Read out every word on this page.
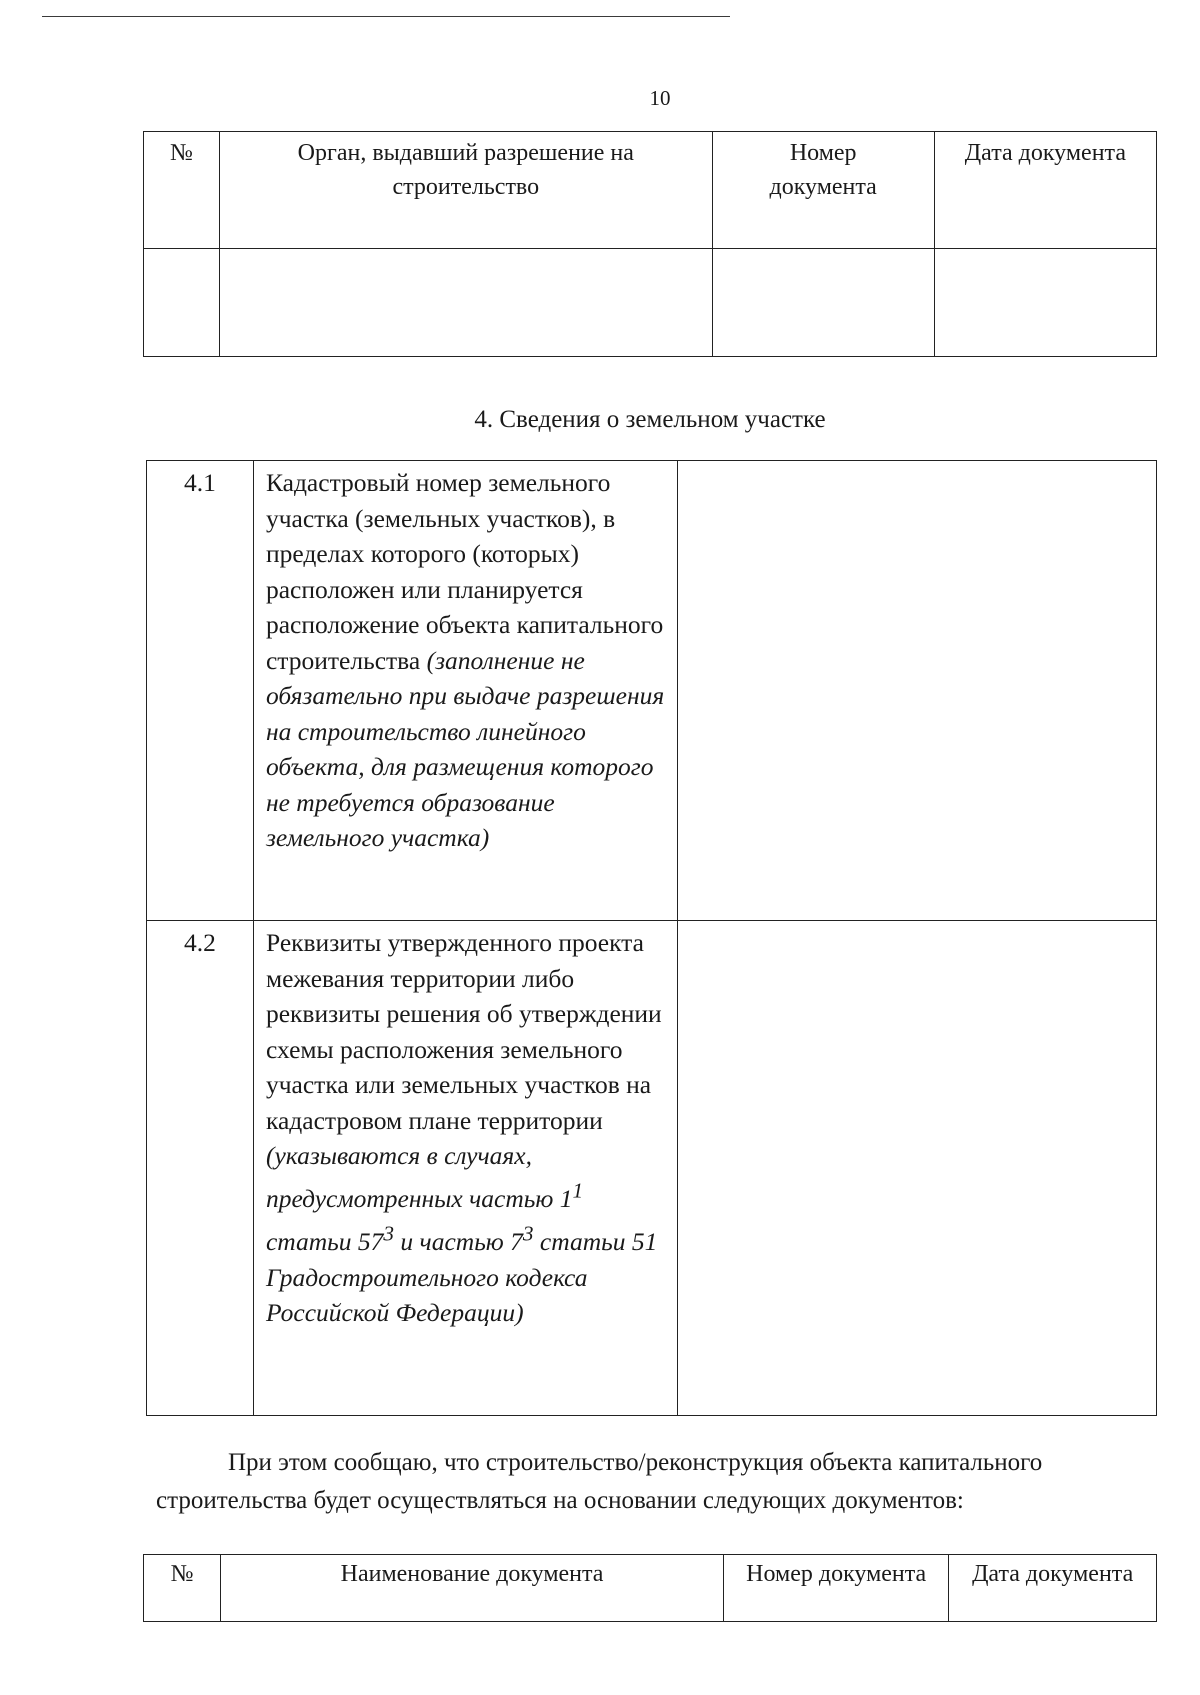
10
№	Орган, выдавший разрешение на строительство	Номер документа	Дата документа

4. Сведения о земельном участке
4.1	Кадастровый номер земельного участка (земельных участков), в пределах которого (которых) расположен или планируется расположение объекта капитального строительства (заполнение не обязательно при выдаче разрешения на строительство линейного объекта, для размещения которого не требуется образование земельного участка)	
4.2	Реквизиты утвержденного проекта межевания территории либо реквизиты решения об утверждении схемы расположения земельного участка или земельных участков на кадастровом плане территории (указываются в случаях, предусмотренных частью $1^1$ статьи $57^3$ и частью $7^3$ статьи 51 Градостроительного кодекса Российской Федерации)	

При этом сообщаю, что строительство/реконструкция объекта капитального

строительства будет осуществляться на основании следующих документов:

№	Наименование документа	Номер документа	Дата документа
